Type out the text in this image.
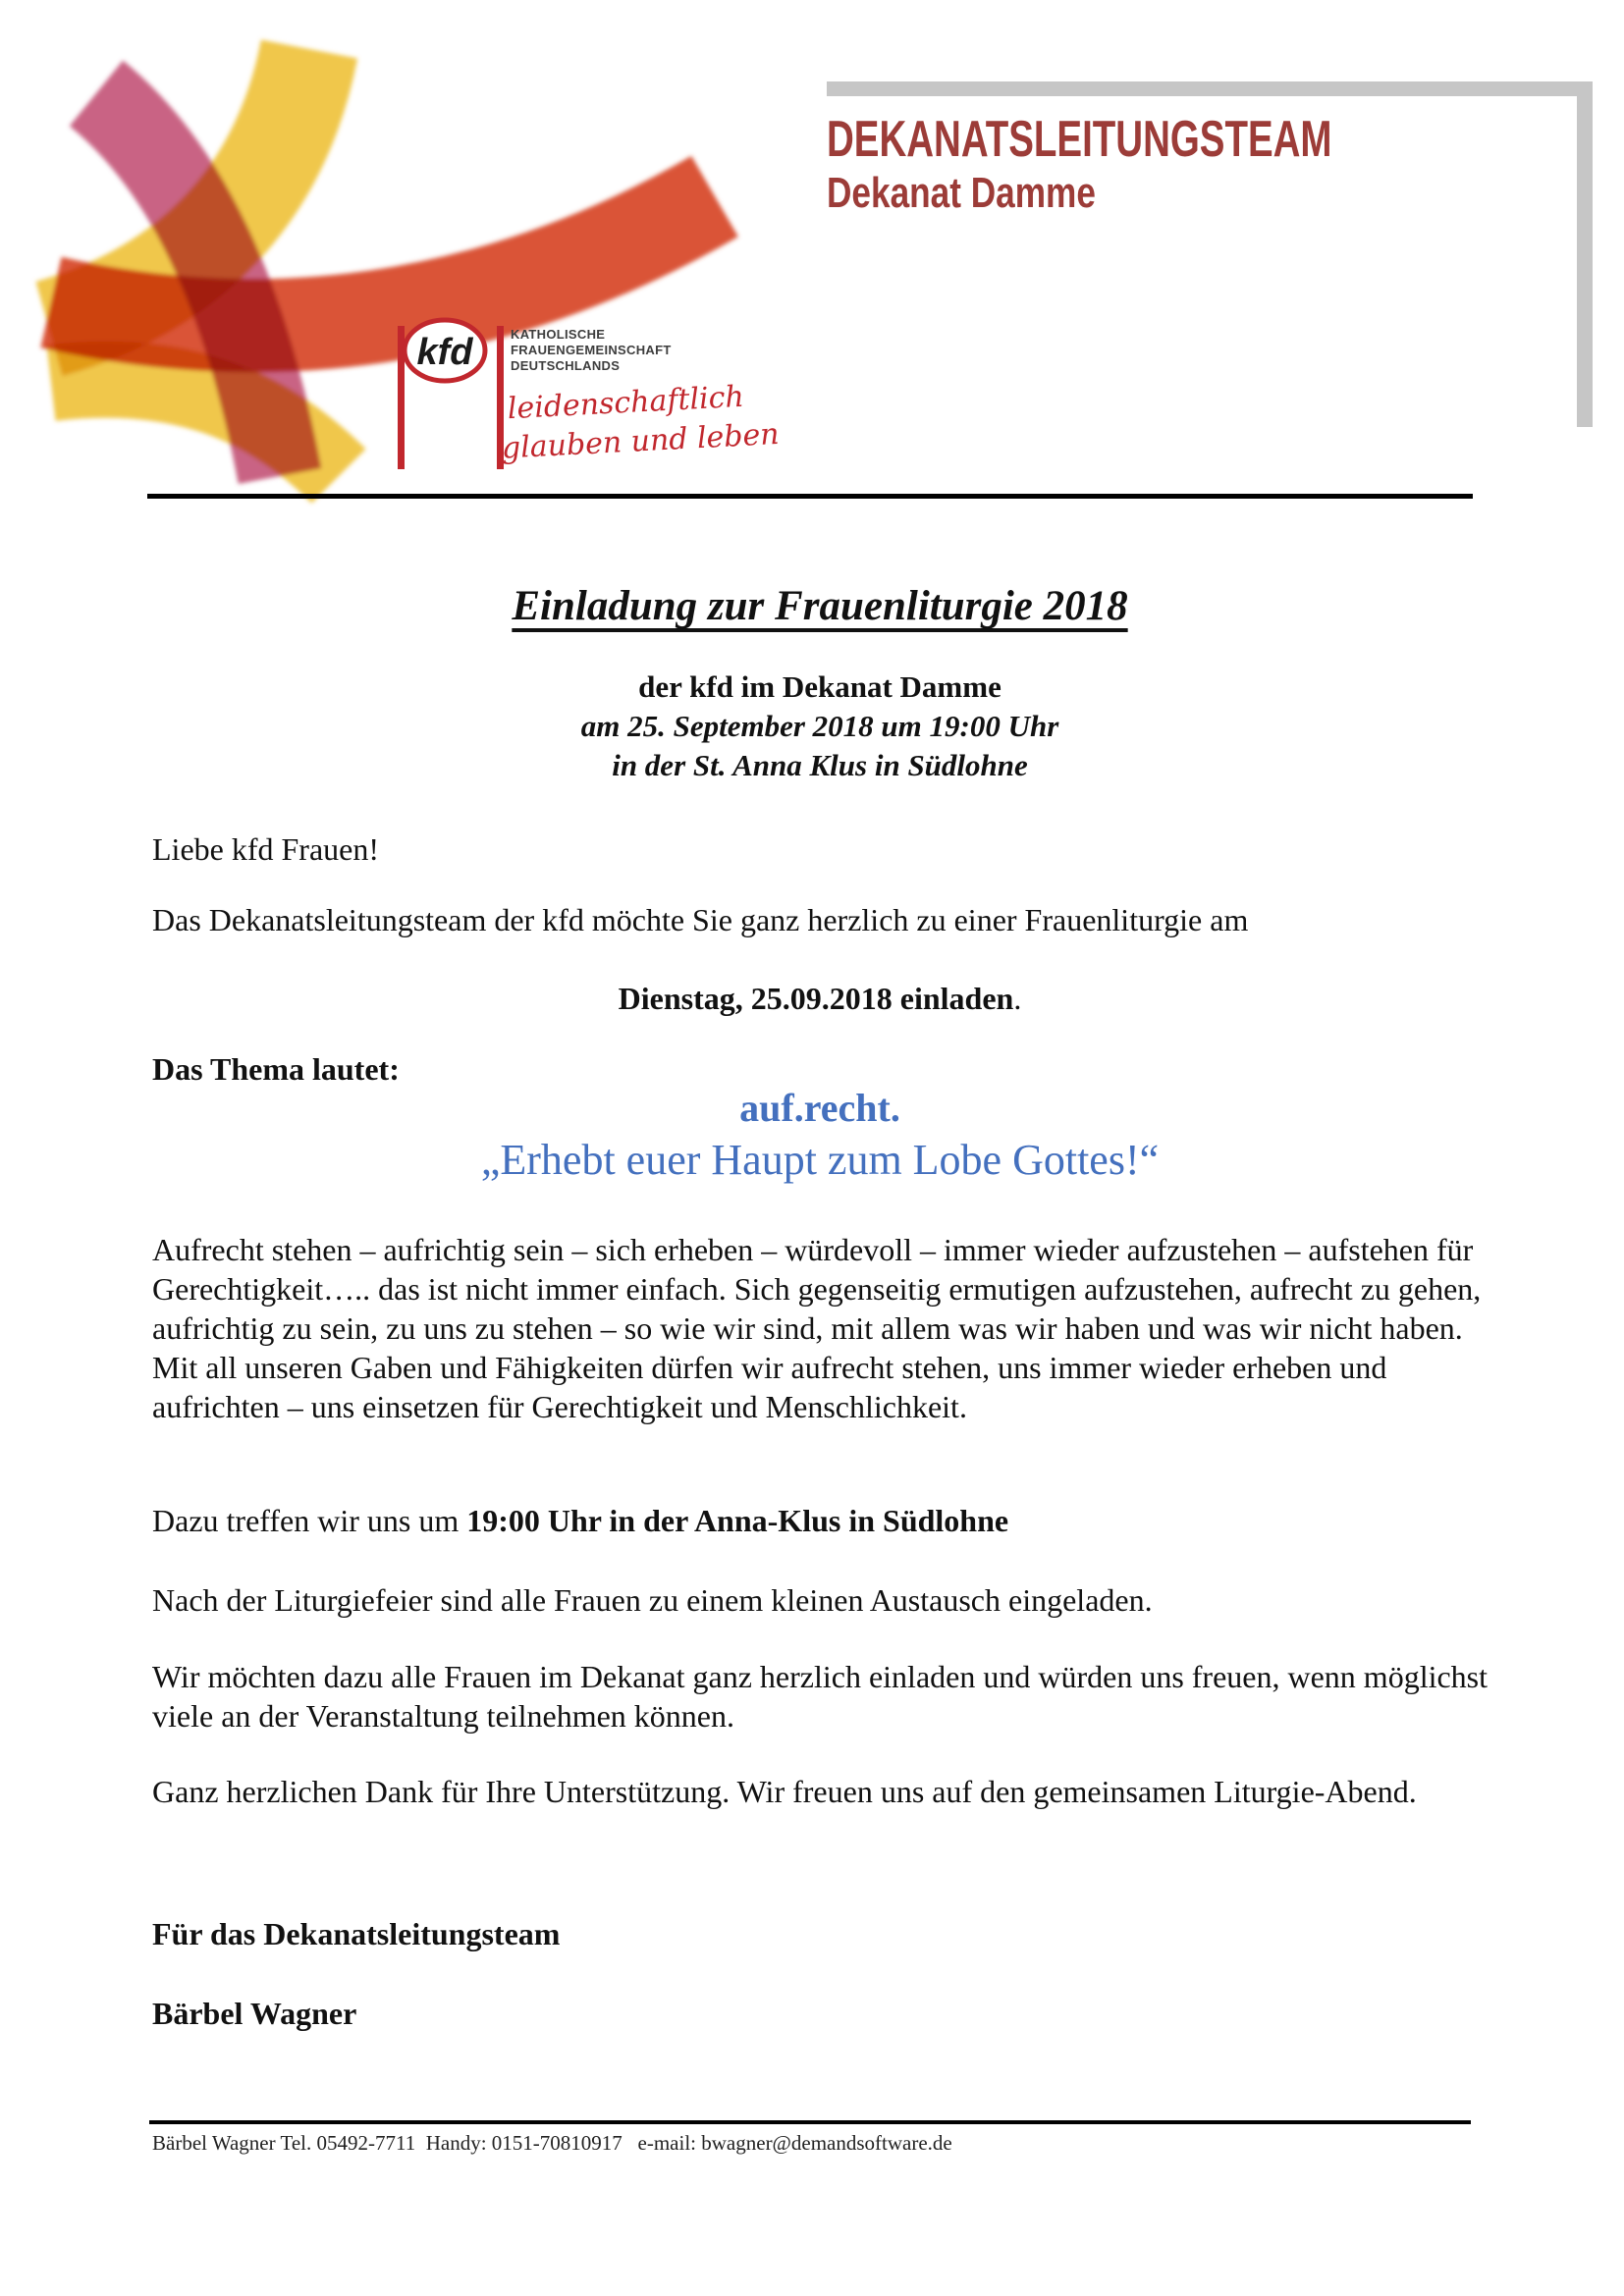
kfd	KATHOLISCHE
FRAUENGEMEINSCHAFT
DEUTSCHLANDS
leidenschaftlich
glauben und leben
DEKANATSLEITUNGSTEAM
Dekanat Damme
Einladung zur Frauenliturgie 2018
der kfd im Dekanat Damme
am 25. September 2018 um 19:00 Uhr
in der St. Anna Klus in Südlohne
Liebe kfd Frauen!
Das Dekanatsleitungsteam der kfd möchte Sie ganz herzlich zu einer Frauenliturgie am
Dienstag, 25.09.2018 einladen.
Das Thema lautet:
auf.recht.
„Erhebt euer Haupt zum Lobe Gottes!“
Aufrecht stehen – aufrichtig sein – sich erheben – würdevoll – immer wieder aufzustehen – aufstehen für Gerechtigkeit….. das ist nicht immer einfach. Sich gegenseitig ermutigen aufzustehen, aufrecht zu gehen, aufrichtig zu sein, zu uns zu stehen – so wie wir sind, mit allem was wir haben und was wir nicht haben. Mit all unseren Gaben und Fähigkeiten dürfen wir aufrecht stehen, uns immer wieder erheben und aufrichten – uns einsetzen für Gerechtigkeit und Menschlichkeit.
Dazu treffen wir uns um 19:00 Uhr in der Anna-Klus in Südlohne
Nach der Liturgiefeier sind alle Frauen zu einem kleinen Austausch eingeladen.
Wir möchten dazu alle Frauen im Dekanat ganz herzlich einladen und würden uns freuen, wenn möglichst viele an der Veranstaltung teilnehmen können.
Ganz herzlichen Dank für Ihre Unterstützung. Wir freuen uns auf den gemeinsamen Liturgie-Abend.
Für das Dekanatsleitungsteam
Bärbel Wagner
Bärbel Wagner Tel. 05492-7711  Handy: 0151-70810917   e-mail: bwagner@demandsoftware.de
